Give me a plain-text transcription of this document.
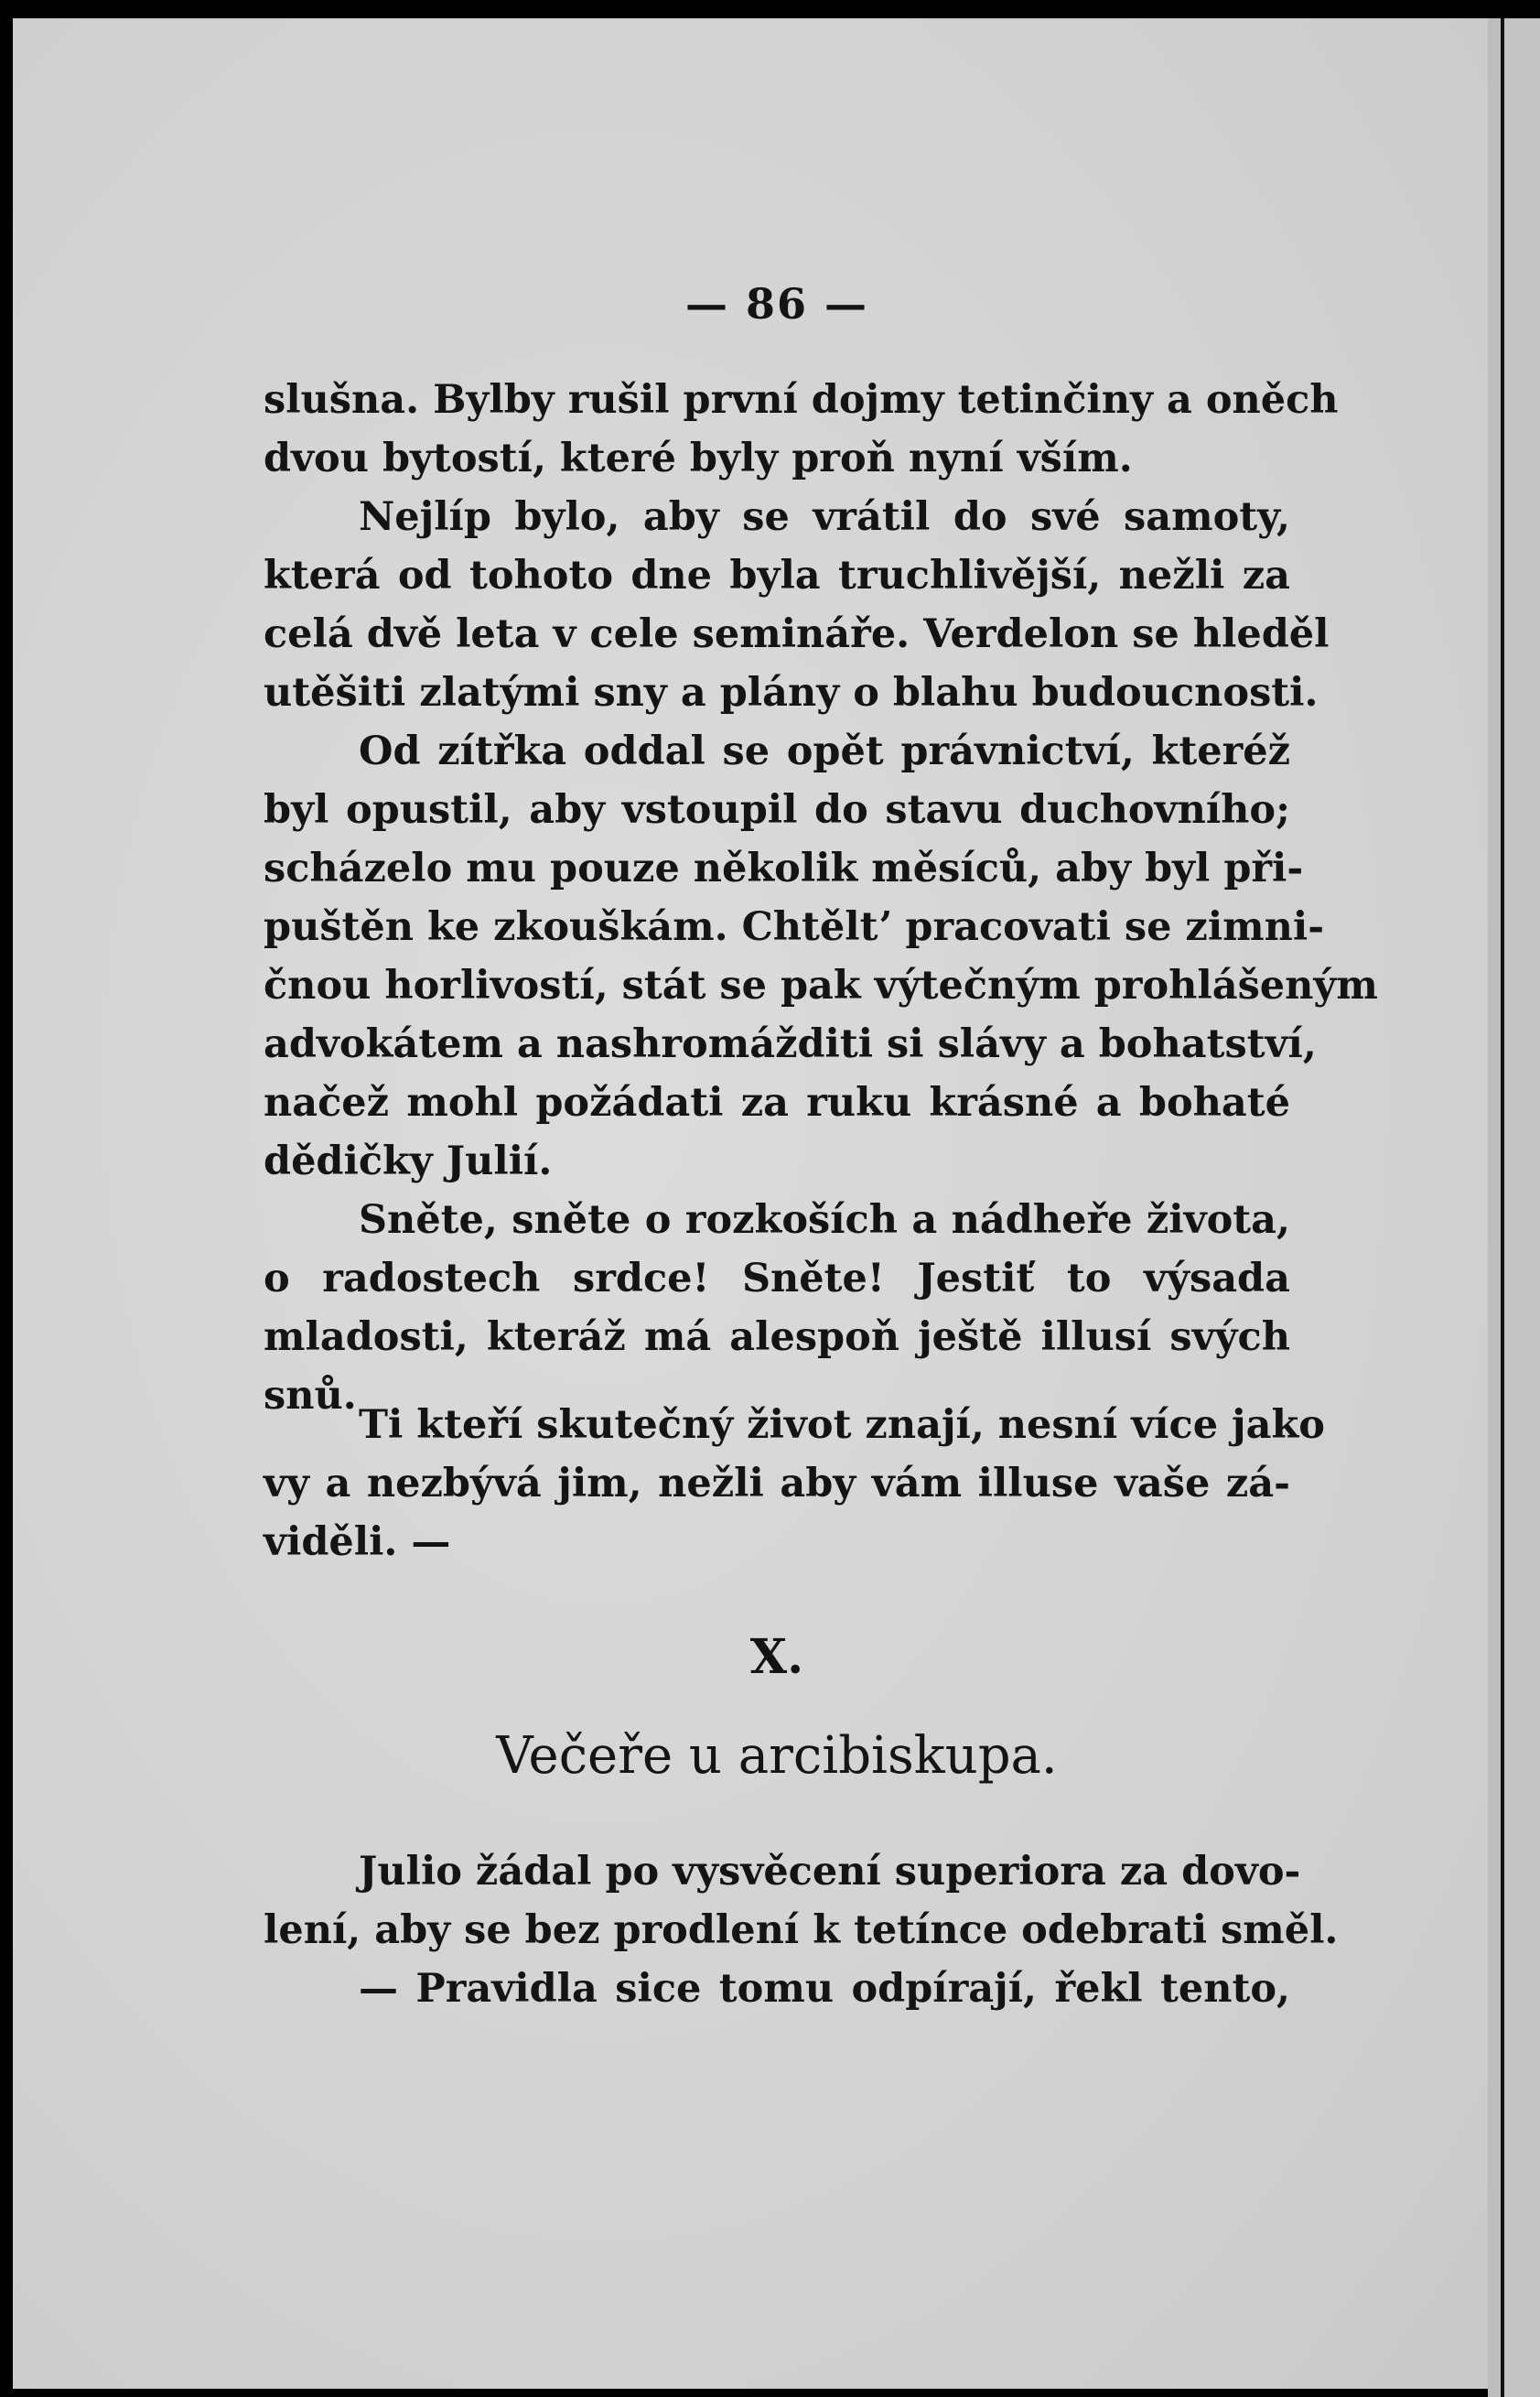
— 86 —
slušna. Bylby rušil první dojmy tetinčiny a oněch
dvou bytostí, které byly proň nyní vším.
Nejlíp bylo, aby se vrátil do své samoty,
která od tohoto dne byla truchlivější, nežli za
celá dvě leta v cele semináře. Verdelon se hleděl
utěšiti zlatými sny a plány o blahu budoucnosti.
Od zítřka oddal se opět právnictví, kteréž
byl opustil, aby vstoupil do stavu duchovního;
scházelo mu pouze několik měsíců, aby byl při-
puštěn ke zkouškám. Chtěltʼ pracovati se zimni-
čnou horlivostí, stát se pak výtečným prohlášeným
advokátem a nashromážditi si slávy a bohatství,
načež mohl požádati za ruku krásné a bohaté
dědičky Julií.
Sněte, sněte o rozkoších a nádheře života,
o radostech srdce! Sněte! Jestiť to výsada
mladosti, kteráž má alespoň ještě illusí svých
snů.
Ti kteří skutečný život znají, nesní více jako
vy a nezbývá jim, nežli aby vám illuse vaše zá-
viděli. —
X.
Večeře u arcibiskupa.
Julio žádal po vysvěcení superiora za dovo-
lení, aby se bez prodlení k tetínce odebrati směl.
— Pravidla sice tomu odpírají, řekl tento,
